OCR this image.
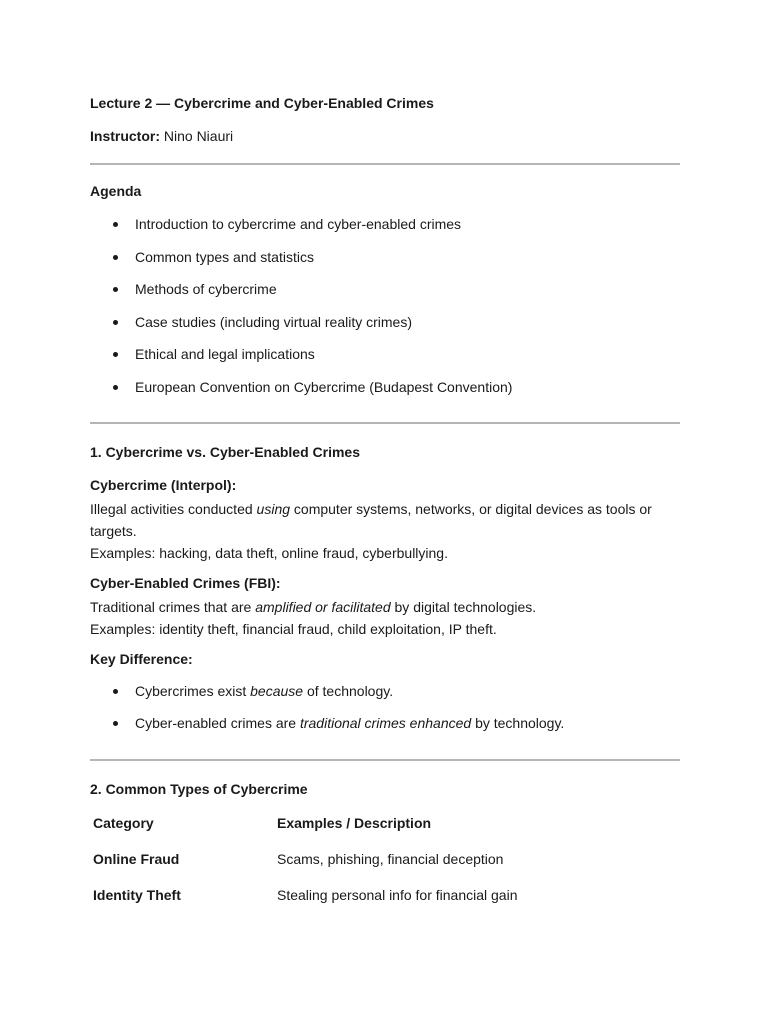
Lecture 2 — Cybercrime and Cyber-Enabled Crimes

Instructor: Nino Niauri

Agenda

Introduction to cybercrime and cyber-enabled crimes
Common types and statistics
Methods of cybercrime
Case studies (including virtual reality crimes)
Ethical and legal implications
European Convention on Cybercrime (Budapest Convention)

1. Cybercrime vs. Cyber-Enabled Crimes

Cybercrime (Interpol):

Illegal activities conducted using computer systems, networks, or digital devices as tools or targets.
Examples: hacking, data theft, online fraud, cyberbullying.

Cyber-Enabled Crimes (FBI):

Traditional crimes that are amplified or facilitated by digital technologies.
Examples: identity theft, financial fraud, child exploitation, IP theft.

Key Difference:

Cybercrimes exist because of technology.
Cyber-enabled crimes are traditional crimes enhanced by technology.

2. Common Types of Cybercrime

Category	Examples / Description
Online Fraud	Scams, phishing, financial deception
Identity Theft	Stealing personal info for financial gain
